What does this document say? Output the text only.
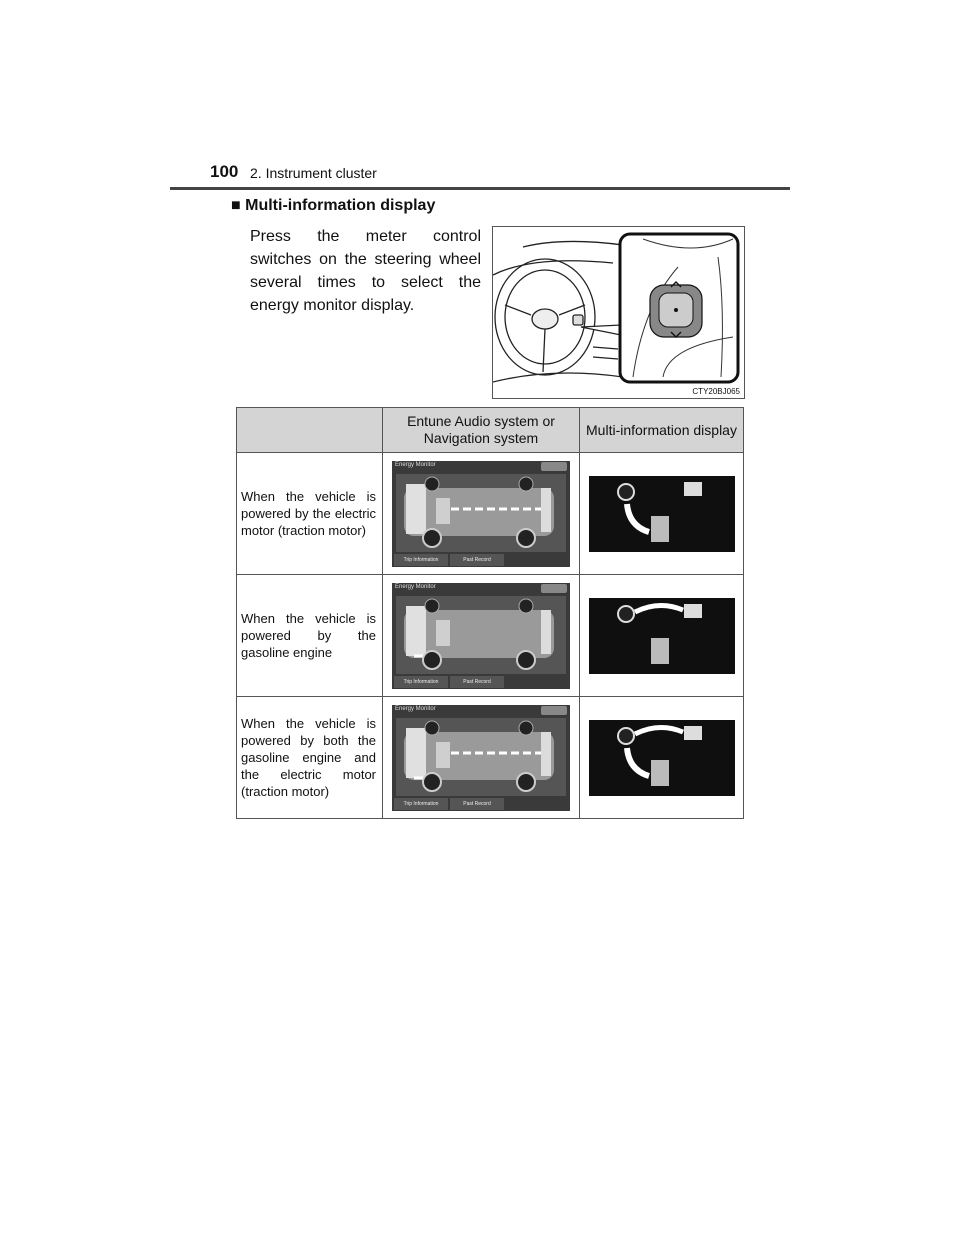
100 2. Instrument cluster
■ Multi-information display
Press the meter control switches on the steering wheel several times to select the energy monitor display.
CTY20BJ065
	Entune Audio system or Navigation system	Multi-information display
When the vehicle is powered by the electric motor (traction motor)	Energy Monitor
Trip Information Past Record

When the vehicle is powered by the gasoline engine	Energy Monitor
Trip Information Past Record

When the vehicle is powered by both the gasoline engine and the electric motor (traction motor)	Energy Monitor
Trip Information Past Record
